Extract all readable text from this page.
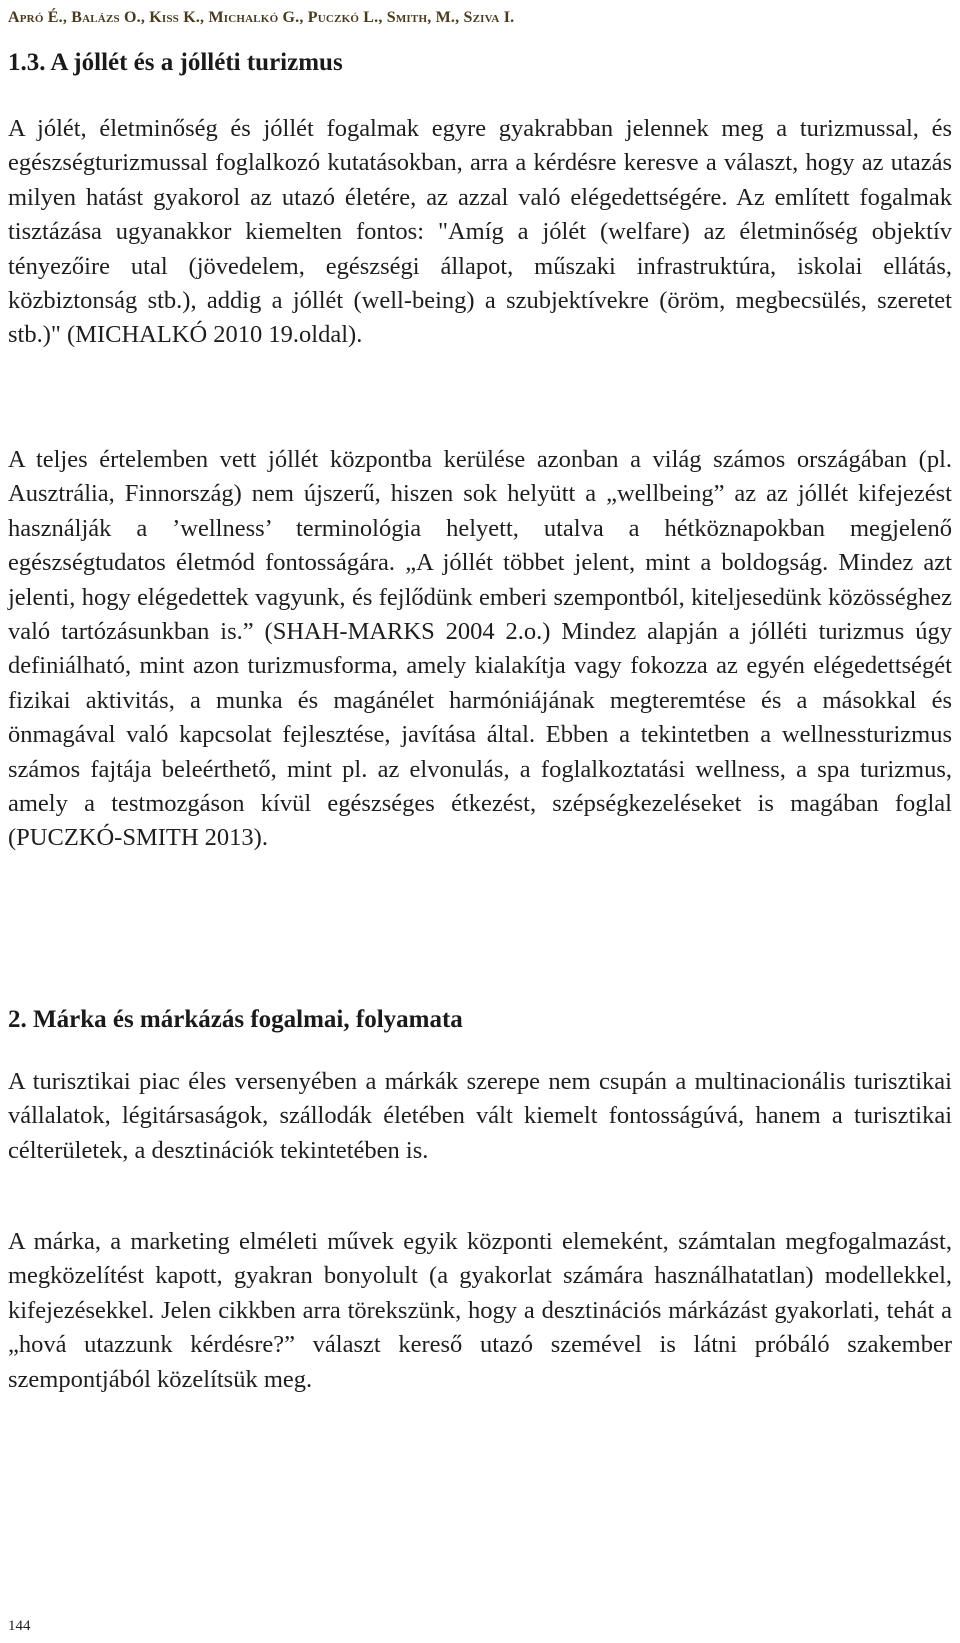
Apró É., Balázs O., Kiss K., Michalkó G., Puczkó L., Smith, M., Sziva I.
1.3. A jóllét és a jólléti turizmus

A jólét, életminőség és jóllét fogalmak egyre gyakrabban jelennek meg a turizmussal, és egészségturizmussal foglalkozó kutatásokban, arra a kérdésre keresve a választ, hogy az utazás milyen hatást gyakorol az utazó életére, az azzal való elégedettségére. Az említett fogalmak tisztázása ugyanakkor kiemelten fontos: "Amíg a jólét (welfare) az életminőség objektív tényezőire utal (jövedelem, egészségi állapot, műszaki infrastruktúra, iskolai ellátás, közbiztonság stb.), addig a jóllét (well-being) a szubjektívekre (öröm, megbecsülés, szeretet stb.)" (MICHALKÓ 2010 19.oldal).

A teljes értelemben vett jóllét központba kerülése azonban a világ számos országában (pl. Ausztrália, Finnország) nem újszerű, hiszen sok helyütt a „wellbeing” az az jóllét kifejezést használják a ’wellness’ terminológia helyett, utalva a hétköznapokban megjelenő egészségtudatos életmód fontosságára. „A jóllét többet jelent, mint a boldogság. Mindez azt jelenti, hogy elégedettek vagyunk, és fejlődünk emberi szempontból, kiteljesedünk közösséghez való tartózásunkban is.” (SHAH-MARKS 2004 2.o.) Mindez alapján a jólléti turizmus úgy definiálható, mint azon turizmusforma, amely kialakítja vagy fokozza az egyén elégedettségét fizikai aktivitás, a munka és magánélet harmóniájának megteremtése és a másokkal és önmagával való kapcsolat fejlesztése, javítása által. Ebben a tekintetben a wellnessturizmus számos fajtája beleérthető, mint pl. az elvonulás, a foglalkoztatási wellness, a spa turizmus, amely a testmozgáson kívül egészséges étkezést, szépségkezeléseket is magában foglal (PUCZKÓ-SMITH 2013).

2. Márka és márkázás fogalmai, folyamata

A turisztikai piac éles versenyében a márkák szerepe nem csupán a multinacionális turisztikai vállalatok, légitársaságok, szállodák életében vált kiemelt fontosságúvá, hanem a turisztikai célterületek, a desztinációk tekintetében is.

A márka, a marketing elméleti művek egyik központi elemeként, számtalan megfogalmazást, megközelítést kapott, gyakran bonyolult (a gyakorlat számára használhatatlan) modellekkel, kifejezésekkel. Jelen cikkben arra törekszünk, hogy a desztinációs márkázást gyakorlati, tehát a „hová utazzunk kérdésre?” választ kereső utazó szemével is látni próbáló szakember szempontjából közelítsük meg.

144
